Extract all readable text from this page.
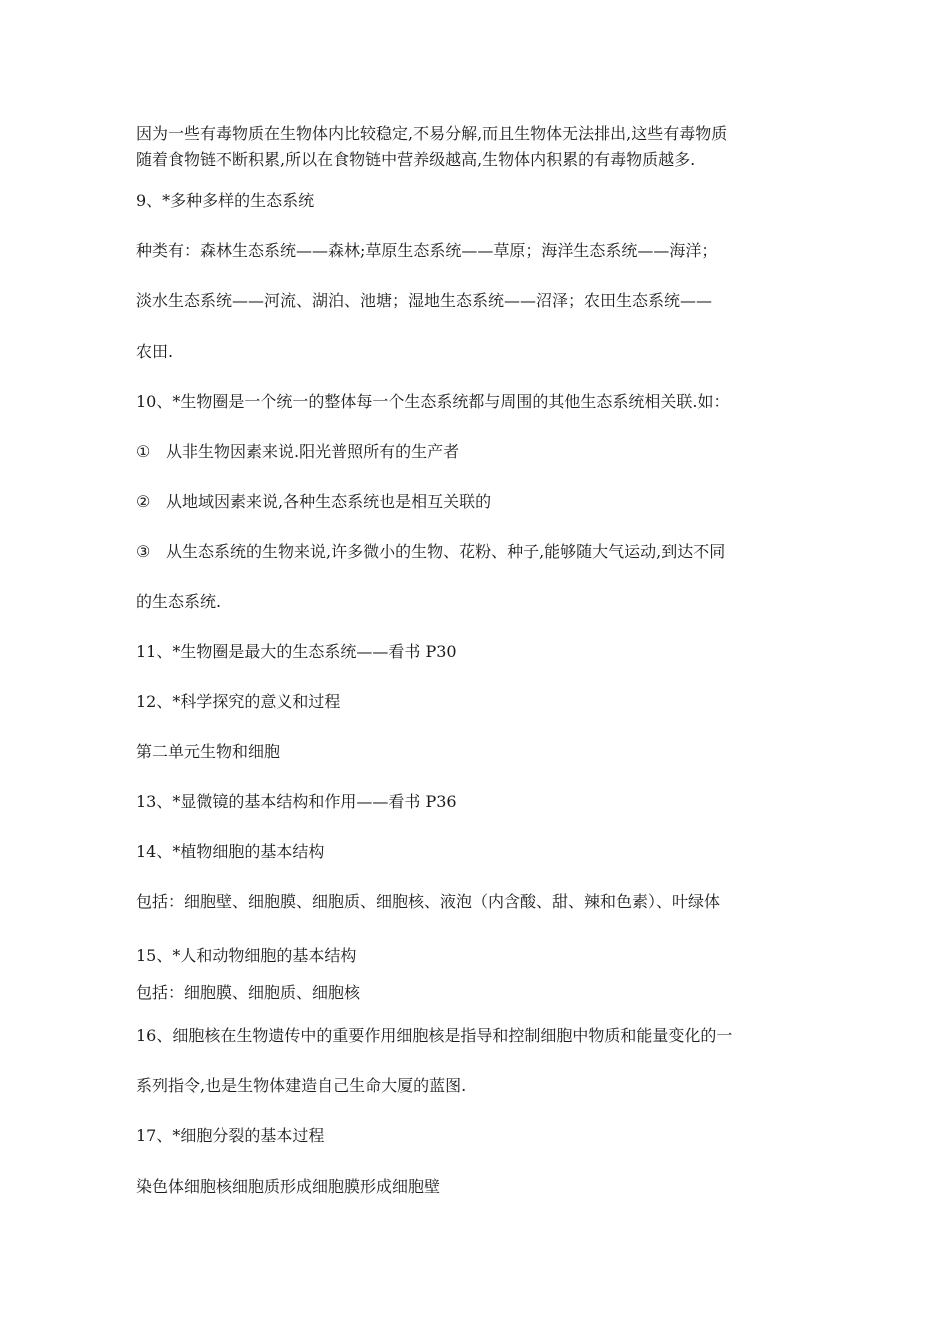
因为一些有毒物质在生物体内比较稳定,不易分解,而且生物体无法排出,这些有毒物质
随着食物链不断积累,所以在食物链中营养级越高,生物体内积累的有毒物质越多.
9、*多种多样的生态系统
种类有：森林生态系统——森林;草原生态系统——草原；海洋生态系统——海洋；
淡水生态系统——河流、湖泊、池塘；湿地生态系统——沼泽；农田生态系统——
农田.
10、*生物圈是一个统一的整体每一个生态系统都与周围的其他生态系统相关联.如：
① 从非生物因素来说.阳光普照所有的生产者
② 从地域因素来说,各种生态系统也是相互关联的
③ 从生态系统的生物来说,许多微小的生物、花粉、种子,能够随大气运动,到达不同
的生态系统.
11、*生物圈是最大的生态系统——看书 P30
12、*科学探究的意义和过程
第二单元生物和细胞
13、*显微镜的基本结构和作用——看书 P36
14、*植物细胞的基本结构
包括：细胞壁、细胞膜、细胞质、细胞核、液泡（内含酸、甜、辣和色素）、叶绿体
15、*人和动物细胞的基本结构
包括：细胞膜、细胞质、细胞核
16、细胞核在生物遗传中的重要作用细胞核是指导和控制细胞中物质和能量变化的一
系列指令,也是生物体建造自己生命大厦的蓝图.
17、*细胞分裂的基本过程
染色体细胞核细胞质形成细胞膜形成细胞壁
